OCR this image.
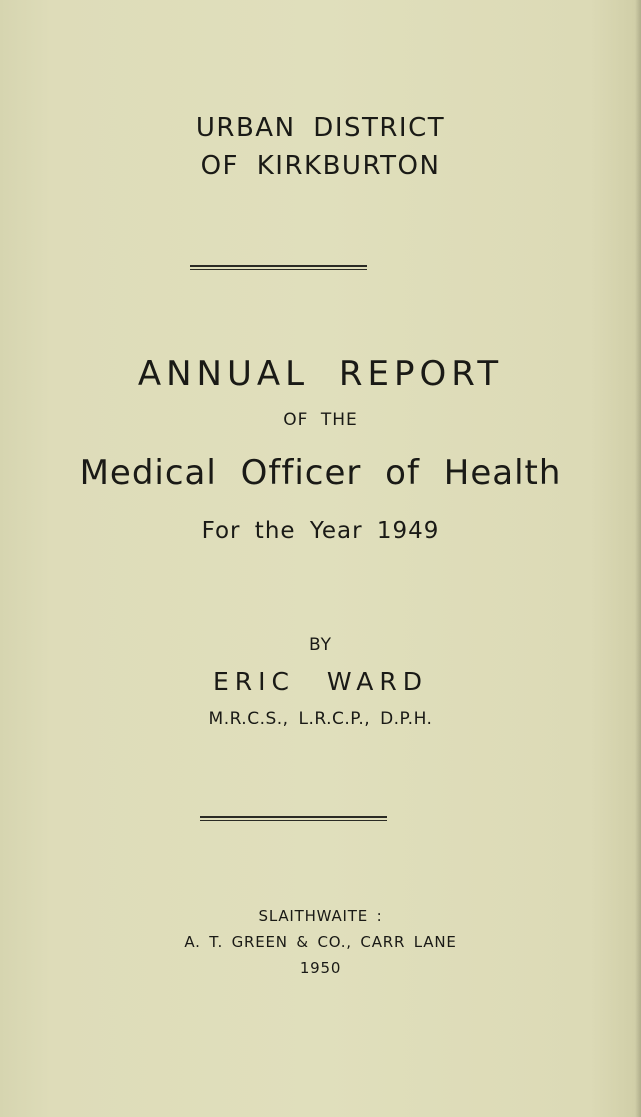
URBAN DISTRICT
OF KIRKBURTON
ANNUAL REPORT
OF THE
Medical Officer of Health
For the Year 1949
BY
ERIC WARD
M.R.C.S., L.R.C.P., D.P.H.
SLAITHWAITE :
A. T. GREEN & CO., CARR LANE
1950
